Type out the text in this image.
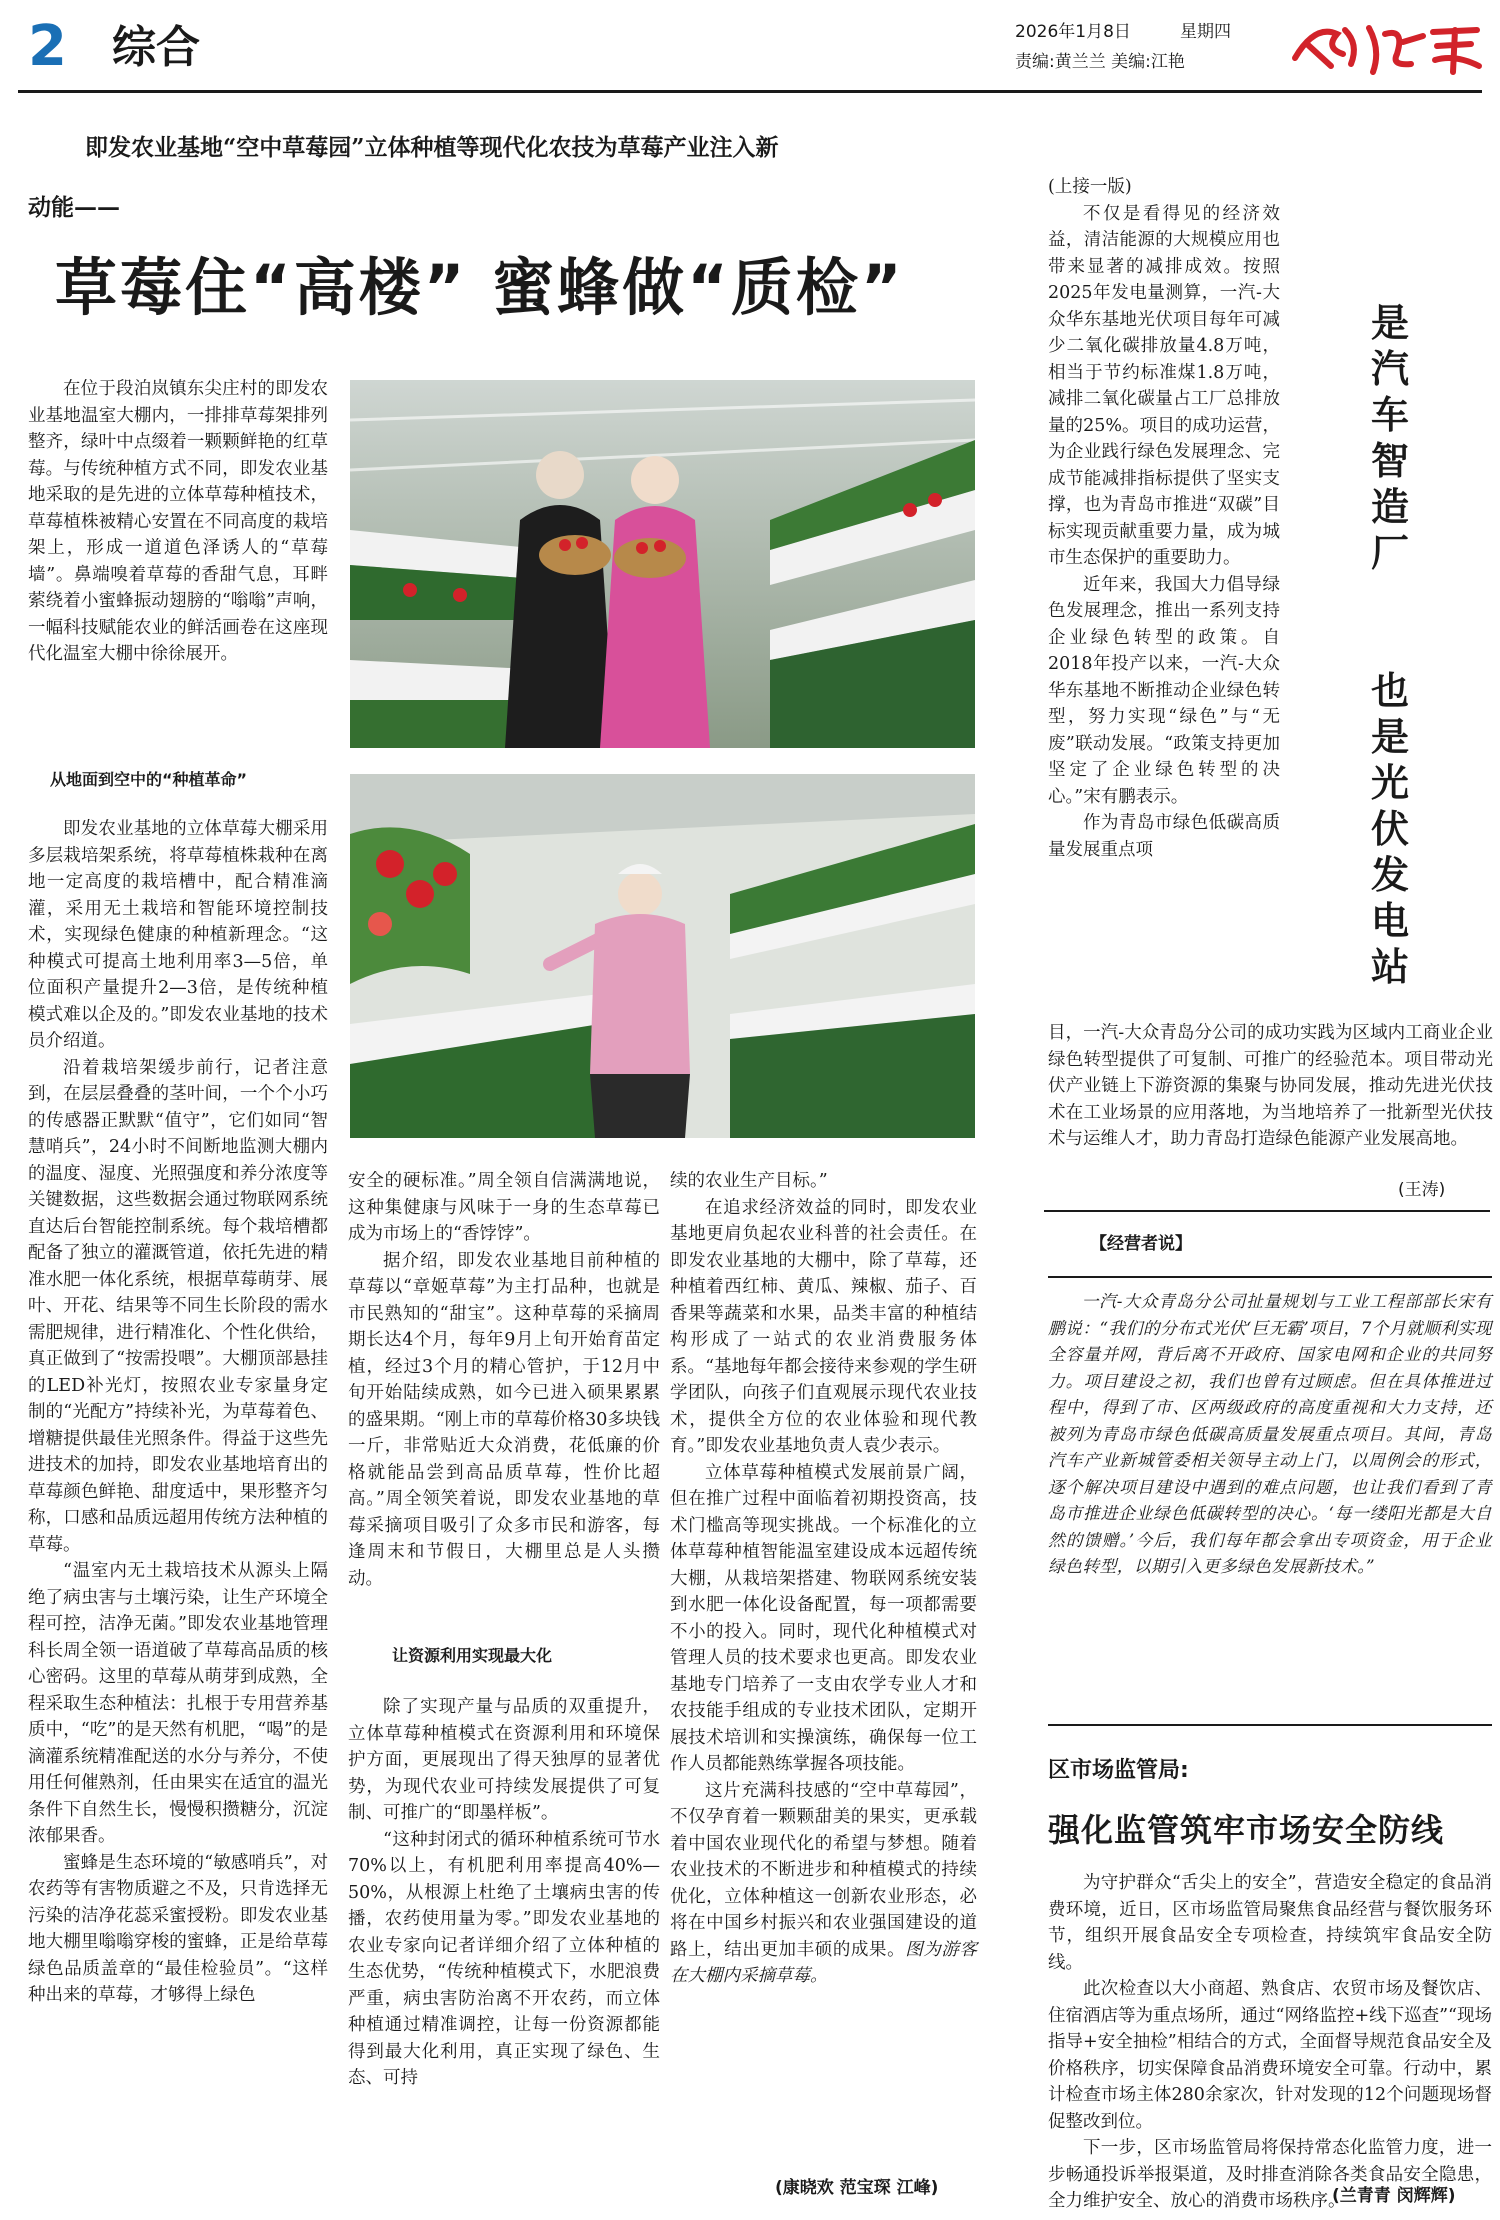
2 综合	2026年1月8日	星期四
责编:黄兰兰 美编:江艳
即发农业基地“空中草莓园”立体种植等现代化农技为草莓产业注入新
动能——
草莓住“高楼” 蜜蜂做“质检”

在位于段泊岚镇东尖庄村的即发农业基地温室大棚内，一排排草莓架排列整齐，绿叶中点缀着一颗颗鲜艳的红草莓。与传统种植方式不同，即发农业基地采取的是先进的立体草莓种植技术，草莓植株被精心安置在不同高度的栽培架上，形成一道道色泽诱人的“草莓墙”。鼻端嗅着草莓的香甜气息，耳畔萦绕着小蜜蜂振动翅膀的“嗡嗡”声响，一幅科技赋能农业的鲜活画卷在这座现代化温室大棚中徐徐展开。

从地面到空中的“种植革命”

即发农业基地的立体草莓大棚采用多层栽培架系统，将草莓植株栽种在离地一定高度的栽培槽中，配合精准滴灌，采用无土栽培和智能环境控制技术，实现绿色健康的种植新理念。“这种模式可提高土地利用率3—5倍，单位面积产量提升2—3倍，是传统种植模式难以企及的。”即发农业基地的技术员介绍道。

沿着栽培架缓步前行，记者注意到，在层层叠叠的茎叶间，一个个小巧的传感器正默默“值守”，它们如同“智慧哨兵”，24小时不间断地监测大棚内的温度、湿度、光照强度和养分浓度等关键数据，这些数据会通过物联网系统直达后台智能控制系统。每个栽培槽都配备了独立的灌溉管道，依托先进的精准水肥一体化系统，根据草莓萌芽、展叶、开花、结果等不同生长阶段的需水需肥规律，进行精准化、个性化供给，真正做到了“按需投喂”。大棚顶部悬挂的LED补光灯，按照农业专家量身定制的“光配方”持续补光，为草莓着色、增糖提供最佳光照条件。得益于这些先进技术的加持，即发农业基地培育出的草莓颜色鲜艳、甜度适中，果形整齐匀称，口感和品质远超用传统方法种植的草莓。

“温室内无土栽培技术从源头上隔绝了病虫害与土壤污染，让生产环境全程可控，洁净无菌。”即发农业基地管理科长周全领一语道破了草莓高品质的核心密码。这里的草莓从萌芽到成熟，全程采取生态种植法：扎根于专用营养基质中，“吃”的是天然有机肥，“喝”的是滴灌系统精准配送的水分与养分，不使用任何催熟剂，任由果实在适宜的温光条件下自然生长，慢慢积攒糖分，沉淀浓郁果香。

蜜蜂是生态环境的“敏感哨兵”，对农药等有害物质避之不及，只肯选择无污染的洁净花蕊采蜜授粉。即发农业基地大棚里嗡嗡穿梭的蜜蜂，正是给草莓绿色品质盖章的“最佳检验员”。“这样种出来的草莓，才够得上绿色

安全的硬标准。”周全领自信满满地说，这种集健康与风味于一身的生态草莓已成为市场上的“香饽饽”。

据介绍，即发农业基地目前种植的草莓以“章姬草莓”为主打品种，也就是市民熟知的“甜宝”。这种草莓的采摘周期长达4个月，每年9月上旬开始育苗定植，经过3个月的精心管护，于12月中旬开始陆续成熟，如今已进入硕果累累的盛果期。“刚上市的草莓价格30多块钱一斤，非常贴近大众消费，花低廉的价格就能品尝到高品质草莓，性价比超高。”周全领笑着说，即发农业基地的草莓采摘项目吸引了众多市民和游客，每逢周末和节假日，大棚里总是人头攒动。

让资源利用实现最大化

除了实现产量与品质的双重提升，立体草莓种植模式在资源利用和环境保护方面，更展现出了得天独厚的显著优势，为现代农业可持续发展提供了可复制、可推广的“即墨样板”。

“这种封闭式的循环种植系统可节水70%以上，有机肥利用率提高40%—50%，从根源上杜绝了土壤病虫害的传播，农药使用量为零。”即发农业基地的农业专家向记者详细介绍了立体种植的生态优势，“传统种植模式下，水肥浪费严重，病虫害防治离不开农药，而立体种植通过精准调控，让每一份资源都能得到最大化利用，真正实现了绿色、生态、可持

续的农业生产目标。”

在追求经济效益的同时，即发农业基地更肩负起农业科普的社会责任。在即发农业基地的大棚中，除了草莓，还种植着西红柿、黄瓜、辣椒、茄子、百香果等蔬菜和水果，品类丰富的种植结构形成了一站式的农业消费服务体系。“基地每年都会接待来参观的学生研学团队，向孩子们直观展示现代农业技术，提供全方位的农业体验和现代教育。”即发农业基地负责人袁少表示。

立体草莓种植模式发展前景广阔，但在推广过程中面临着初期投资高，技术门槛高等现实挑战。一个标准化的立体草莓种植智能温室建设成本远超传统大棚，从栽培架搭建、物联网系统安装到水肥一体化设备配置，每一项都需要不小的投入。同时，现代化种植模式对管理人员的技术要求也更高。即发农业基地专门培养了一支由农学专业人才和农技能手组成的专业技术团队，定期开展技术培训和实操演练，确保每一位工作人员都能熟练掌握各项技能。

这片充满科技感的“空中草莓园”，不仅孕育着一颗颗甜美的果实，更承载着中国农业现代化的希望与梦想。随着农业技术的不断进步和种植模式的持续优化，立体种植这一创新农业形态，必将在中国乡村振兴和农业强国建设的道路上，结出更加丰硕的成果。图为游客在大棚内采摘草莓。

(康晓欢 范宝琛 江峰)

(上接一版)

不仅是看得见的经济效益，清洁能源的大规模应用也带来显著的减排成效。按照2025年发电量测算，一汽-大众华东基地光伏项目每年可减少二氧化碳排放量4.8万吨，相当于节约标准煤1.8万吨，减排二氧化碳量占工厂总排放量的25%。项目的成功运营，为企业践行绿色发展理念、完成节能减排指标提供了坚实支撑，也为青岛市推进“双碳”目标实现贡献重要力量，成为城市生态保护的重要助力。

近年来，我国大力倡导绿色发展理念，推出一系列支持企业绿色转型的政策。自2018年投产以来，一汽-大众华东基地不断推动企业绿色转型，努力实现“绿色”与“无废”联动发展。“政策支持更加坚定了企业绿色转型的决心。”宋有鹏表示。

作为青岛市绿色低碳高质量发展重点项

是
汽
车
智
造
厂

也
是
光
伏
发
电
站

目，一汽-大众青岛分公司的成功实践为区域内工商业企业绿色转型提供了可复制、可推广的经验范本。项目带动光伏产业链上下游资源的集聚与协同发展，推动先进光伏技术在工业场景的应用落地，为当地培养了一批新型光伏技术与运维人才，助力青岛打造绿色能源产业发展高地。

(王涛)
【经营者说】

一汽-大众青岛分公司扯量规划与工业工程部部长宋有鹏说：“我们的分布式光伏‘巨无霸’项目，7个月就顺利实现全容量并网，背后离不开政府、国家电网和企业的共同努力。项目建设之初，我们也曾有过顾虑。但在具体推进过程中，得到了市、区两级政府的高度重视和大力支持，还被列为青岛市绿色低碳高质量发展重点项目。其间，青岛汽车产业新城管委相关领导主动上门，以周例会的形式，逐个解决项目建设中遇到的难点问题，也让我们看到了青岛市推进企业绿色低碳转型的决心。‘每一缕阳光都是大自然的馈赠。’今后，我们每年都会拿出专项资金，用于企业绿色转型，以期引入更多绿色发展新技术。”

区市场监管局:
强化监管筑牢市场安全防线

为守护群众“舌尖上的安全”，营造安全稳定的食品消费环境，近日，区市场监管局聚焦食品经营与餐饮服务环节，组织开展食品安全专项检查，持续筑牢食品安全防线。

此次检查以大小商超、熟食店、农贸市场及餐饮店、住宿酒店等为重点场所，通过“网络监控+线下巡查”“现场指导+安全抽检”相结合的方式，全面督导规范食品安全及价格秩序，切实保障食品消费环境安全可靠。行动中，累计检查市场主体280余家次，针对发现的12个问题现场督促整改到位。

下一步，区市场监管局将保持常态化监管力度，进一步畅通投诉举报渠道，及时排查消除各类食品安全隐患，全力维护安全、放心的消费市场秩序。

(兰青青 闵辉辉)
